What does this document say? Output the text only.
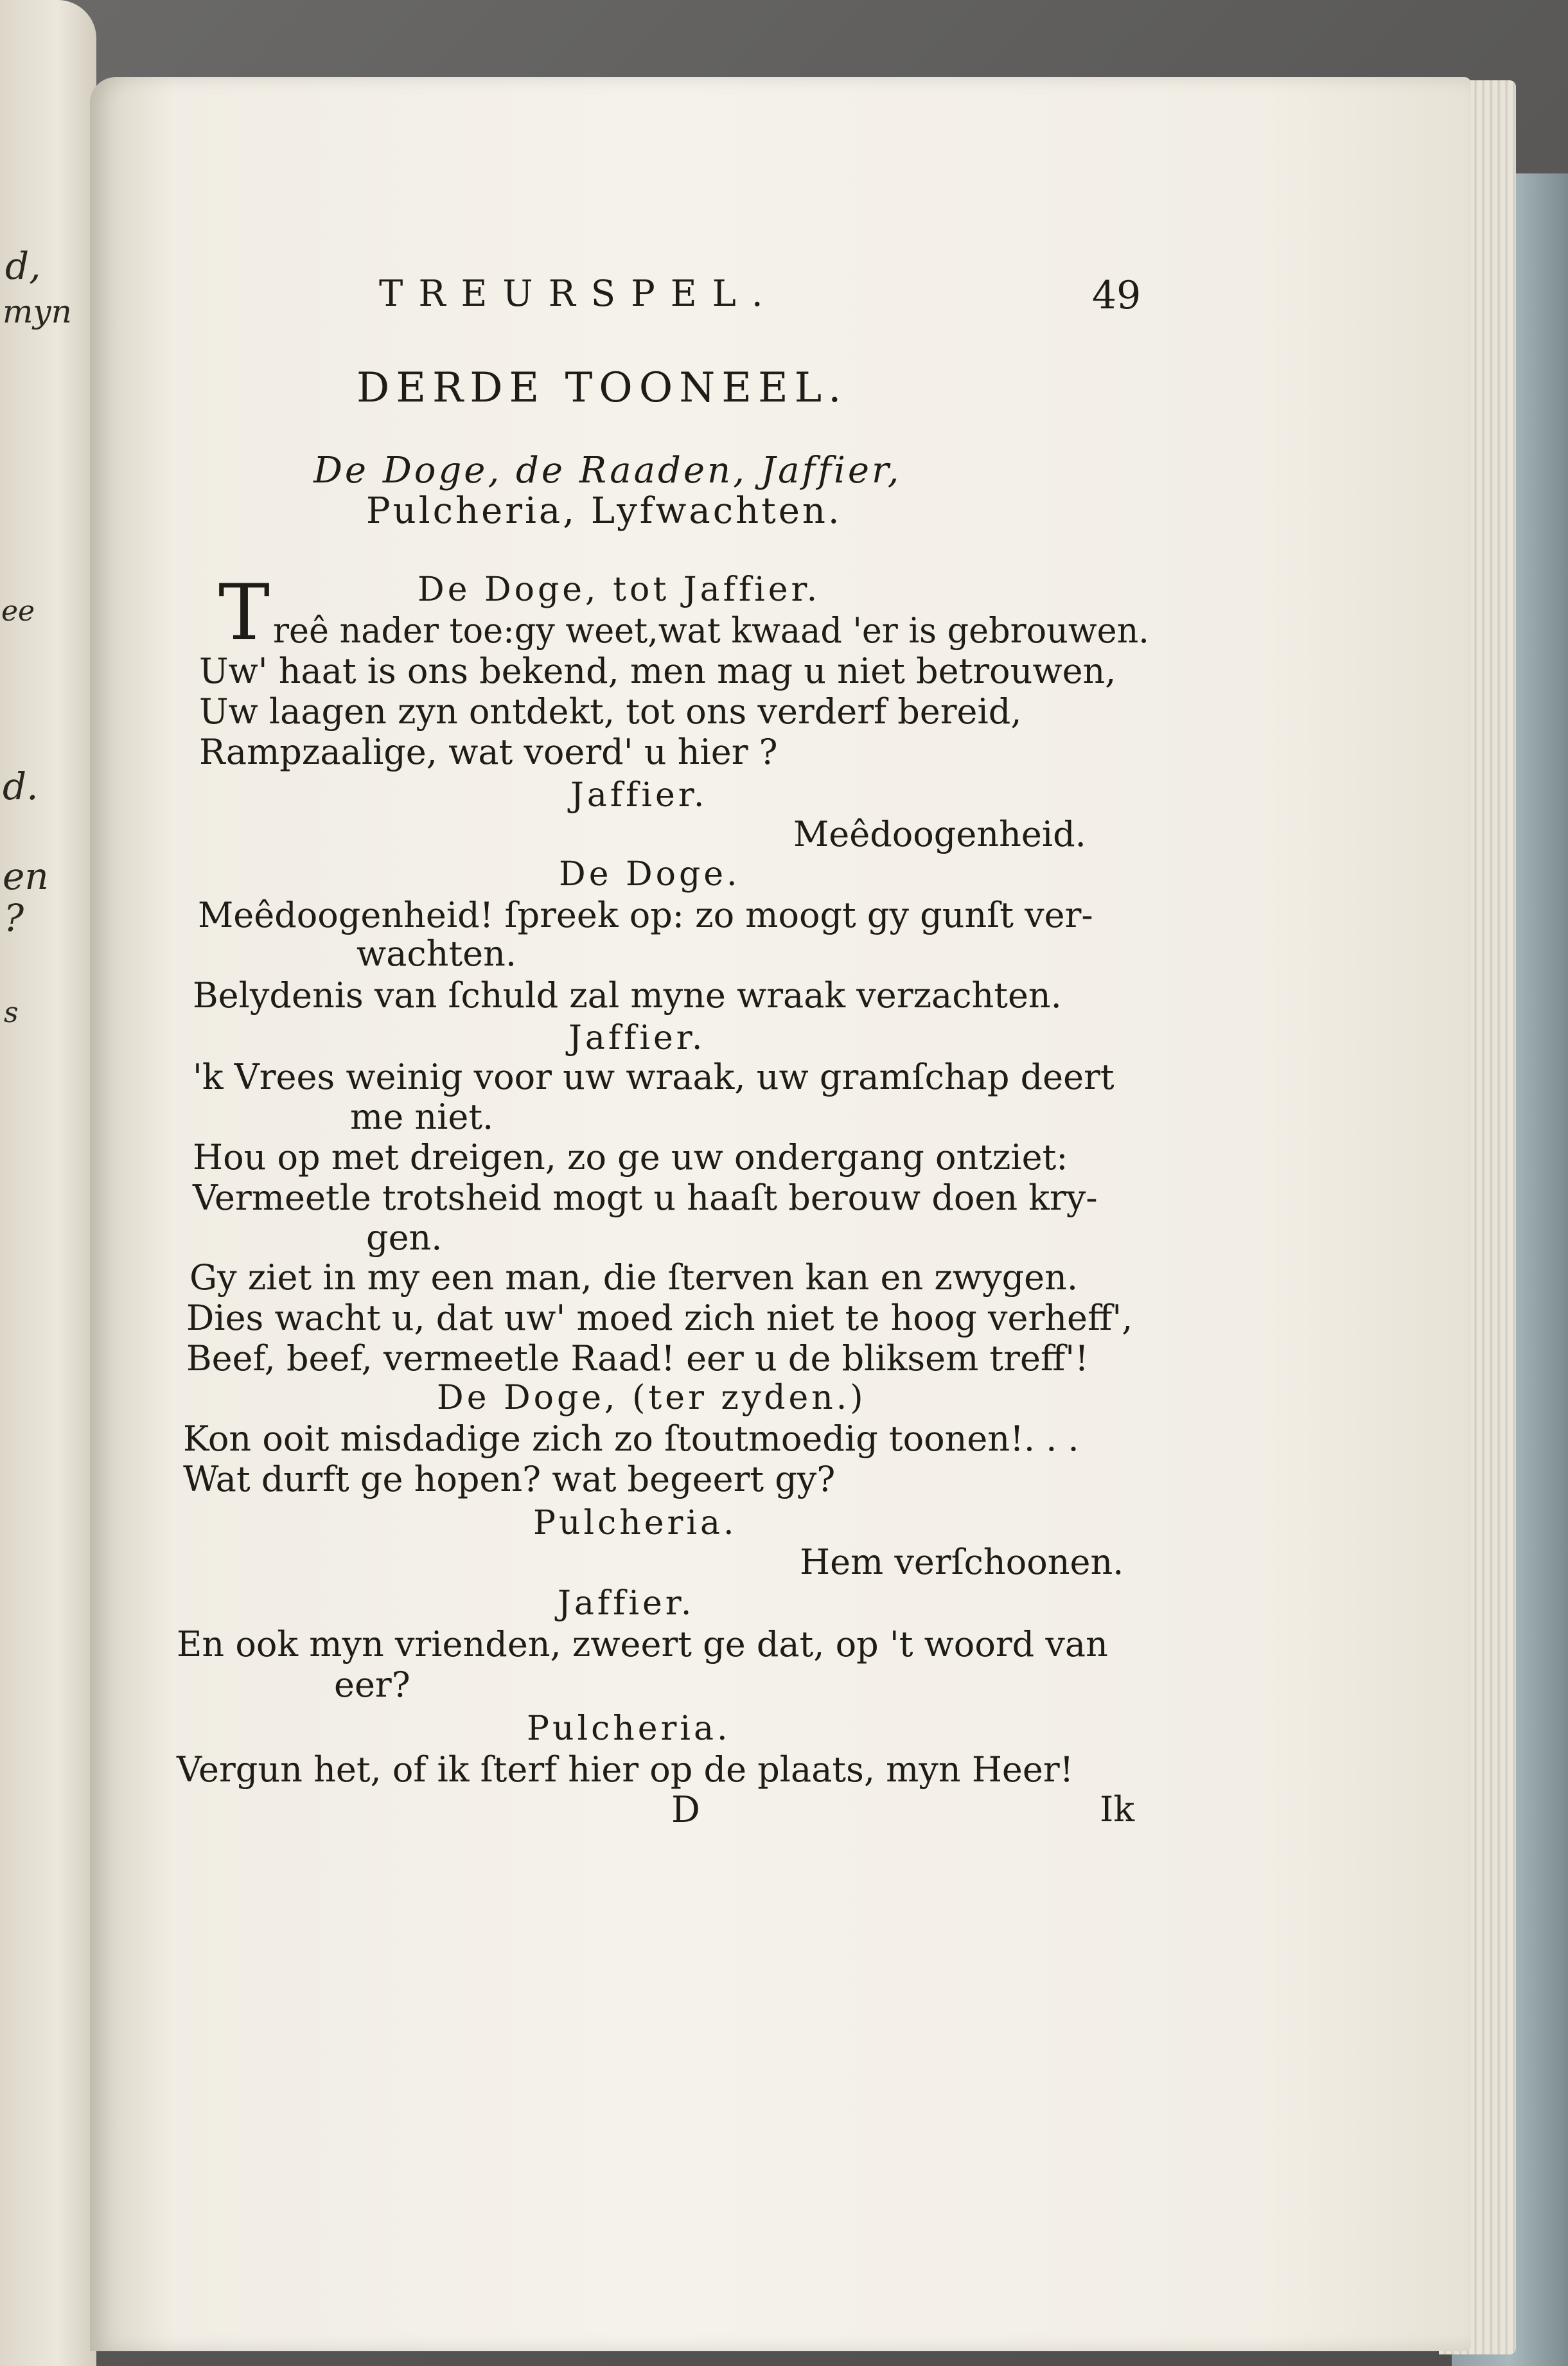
d,
myn
ee
d.
en
?
s
TREURSPEL.	49
DERDE TOONEEL.
De Doge, de Raaden, Jaffier,
Pulcheria, Lyfwachten.
T	De Doge, tot Jaffier.
reê nader toe:gy weet,wat kwaad 'er is gebrouwen.
Uw' haat is ons bekend, men mag u niet betrouwen,
Uw laagen zyn ontdekt, tot ons verderf bereid,
Rampzaalige, wat voerd' u hier ?
Jaffier.
Meêdoogenheid.
De Doge.
Meêdoogenheid! ſpreek op: zo moogt gy gunſt ver-
wachten.
Belydenis van ſchuld zal myne wraak verzachten.
Jaffier.
'k Vrees weinig voor uw wraak, uw gramſchap deert
me niet.
Hou op met dreigen, zo ge uw ondergang ontziet:
Vermeetle trotsheid mogt u haaſt berouw doen kry-
gen.
Gy ziet in my een man, die ſterven kan en zwygen.
Dies wacht u, dat uw' moed zich niet te hoog verheff',
Beef, beef, vermeetle Raad! eer u de bliksem treff'!
De Doge, (ter zyden.)
Kon ooit misdadige zich zo ſtoutmoedig toonen!. . .
Wat durft ge hopen? wat begeert gy?
Pulcheria.
Hem verſchoonen.
Jaffier.
En ook myn vrienden, zweert ge dat, op 't woord van
eer?
Pulcheria.
Vergun het, of ik ſterf hier op de plaats, myn Heer!
D	Ik
